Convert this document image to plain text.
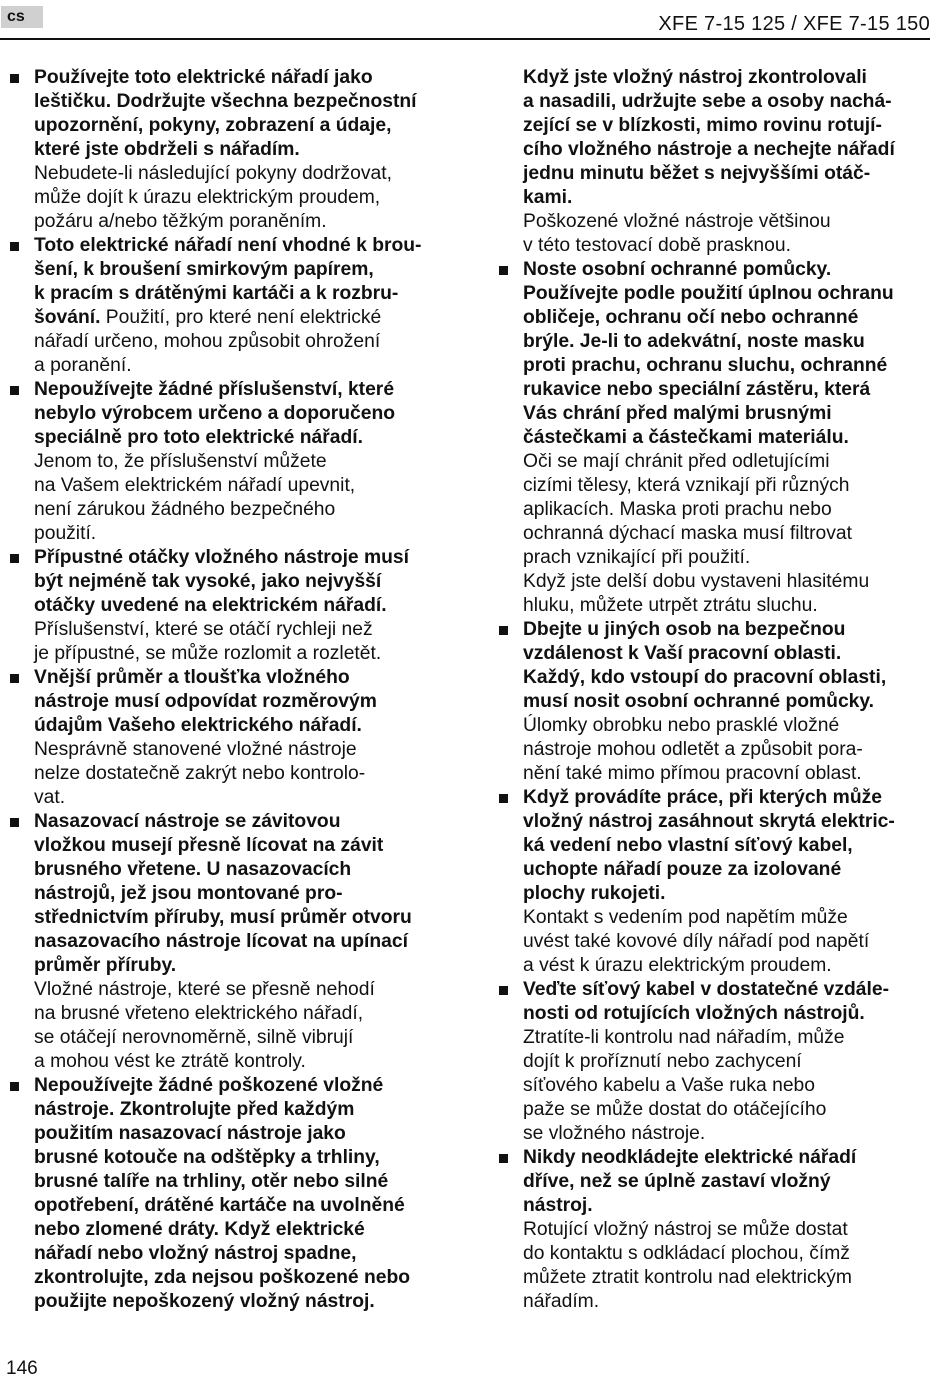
cs	XFE 7-15 125 / XFE 7-15 150

Používejte toto elektrické nářadí jako

leštičku. Dodržujte všechna bezpečnostní

upozornění, pokyny, zobrazení a údaje,

které jste obdrželi s nářadím.

Nebudete-li následující pokyny dodržovat,

může dojít k úrazu elektrickým proudem,

požáru a/nebo těžkým poraněním.

Toto elektrické nářadí není vhodné k brou-

šení, k broušení smirkovým papírem,

k pracím s drátěnými kartáči a k rozbru-

šování. Použití, pro které není elektrické

nářadí určeno, mohou způsobit ohrožení

a poranění.

Nepoužívejte žádné příslušenství, které

nebylo výrobcem určeno a doporučeno

speciálně pro toto elektrické nářadí.

Jenom to, že příslušenství můžete

na Vašem elektrickém nářadí upevnit,

není zárukou žádného bezpečného

použití.

Přípustné otáčky vložného nástroje musí

být nejméně tak vysoké, jako nejvyšší

otáčky uvedené na elektrickém nářadí.

Příslušenství, které se otáčí rychleji než

je přípustné, se může rozlomit a rozletět.

Vnější průměr a tloušťka vložného

nástroje musí odpovídat rozměrovým

údajům Vašeho elektrického nářadí.

Nesprávně stanovené vložné nástroje

nelze dostatečně zakrýt nebo kontrolo-

vat.

Nasazovací nástroje se závitovou

vložkou musejí přesně lícovat na závit

brusného vřetene. U nasazovacích

nástrojů, jež jsou montované pro-

střednictvím příruby, musí průměr otvoru

nasazovacího nástroje lícovat na upínací

průměr příruby.

Vložné nástroje, které se přesně nehodí

na brusné vřeteno elektrického nářadí,

se otáčejí nerovnoměrně, silně vibrují

a mohou vést ke ztrátě kontroly.

Nepoužívejte žádné poškozené vložné

nástroje. Zkontrolujte před každým

použitím nasazovací nástroje jako

brusné kotouče na odštěpky a trhliny,

brusné talíře na trhliny, otěr nebo silné

opotřebení, drátěné kartáče na uvolněné

nebo zlomené dráty. Když elektrické

nářadí nebo vložný nástroj spadne,

zkontrolujte, zda nejsou poškozené nebo

použijte nepoškozený vložný nástroj.

Když jste vložný nástroj zkontrolovali

a nasadili, udržujte sebe a osoby nachá-

zející se v blízkosti, mimo rovinu rotují-

cího vložného nástroje a nechejte nářadí

jednu minutu běžet s nejvyššími otáč-

kami.

Poškozené vložné nástroje většinou

v této testovací době prasknou.

Noste osobní ochranné pomůcky.

Používejte podle použití úplnou ochranu

obličeje, ochranu očí nebo ochranné

brýle. Je-li to adekvátní, noste masku

proti prachu, ochranu sluchu, ochranné

rukavice nebo speciální zástěru, která

Vás chrání před malými brusnými

částečkami a částečkami materiálu.

Oči se mají chránit před odletujícími

cizími tělesy, která vznikají při různých

aplikacích. Maska proti prachu nebo

ochranná dýchací maska musí filtrovat

prach vznikající při použití.

Když jste delší dobu vystaveni hlasitému

hluku, můžete utrpět ztrátu sluchu.

Dbejte u jiných osob na bezpečnou

vzdálenost k Vaší pracovní oblasti.

Každý, kdo vstoupí do pracovní oblasti,

musí nosit osobní ochranné pomůcky.

Úlomky obrobku nebo prasklé vložné

nástroje mohou odletět a způsobit pora-

nění také mimo přímou pracovní oblast.

Když provádíte práce, při kterých může

vložný nástroj zasáhnout skrytá elektric-

ká vedení nebo vlastní síťový kabel,

uchopte nářadí pouze za izolované

plochy rukojeti.

Kontakt s vedením pod napětím může

uvést také kovové díly nářadí pod napětí

a vést k úrazu elektrickým proudem.

Veďte síťový kabel v dostatečné vzdále-

nosti od rotujících vložných nástrojů.

Ztratíte-li kontrolu nad nářadím, může

dojít k proříznutí nebo zachycení

síťového kabelu a Vaše ruka nebo

paže se může dostat do otáčejícího

se vložného nástroje.

Nikdy neodkládejte elektrické nářadí

dříve, než se úplně zastaví vložný

nástroj.

Rotující vložný nástroj se může dostat

do kontaktu s odkládací plochou, čímž

můžete ztratit kontrolu nad elektrickým

nářadím.

146
